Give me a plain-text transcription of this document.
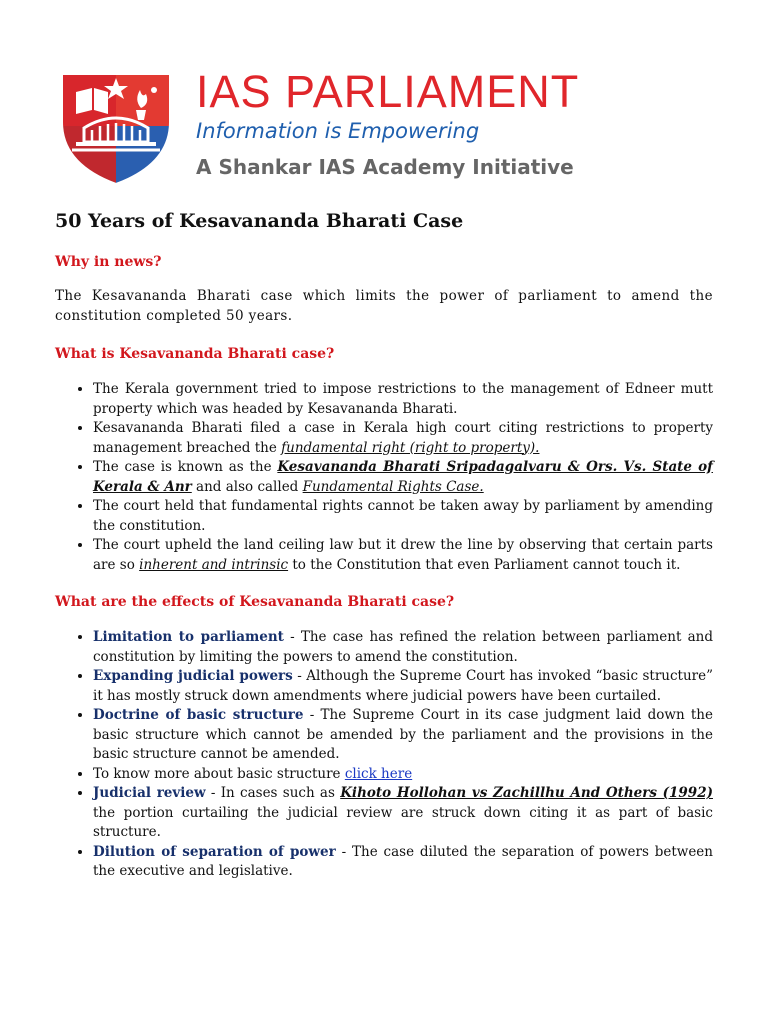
IAS PARLIAMENT
Information is Empowering
A Shankar IAS Academy Initiative
50 Years of Kesavananda Bharati Case
Why in news?

The Kesavananda Bharati case which limits the power of parliament to amend the constitution completed 50 years.

What is Kesavananda Bharati case?
• The Kerala government tried to impose restrictions to the management of Edneer mutt property which was headed by Kesavananda Bharati.
• Kesavananda Bharati filed a case in Kerala high court citing restrictions to property management breached the fundamental right (right to property).
• The case is known as the Kesavananda Bharati Sripadagalvaru & Ors. Vs. State of Kerala & Anr and also called Fundamental Rights Case.
• The court held that fundamental rights cannot be taken away by parliament by amending the constitution.
• The court upheld the land ceiling law but it drew the line by observing that certain parts are so inherent and intrinsic to the Constitution that even Parliament cannot touch it.
What are the effects of Kesavananda Bharati case?
• Limitation to parliament - The case has refined the relation between parliament and constitution by limiting the powers to amend the constitution.
• Expanding judicial powers - Although the Supreme Court has invoked “basic structure” it has mostly struck down amendments where judicial powers have been curtailed.
• Doctrine of basic structure - The Supreme Court in its case judgment laid down the basic structure which cannot be amended by the parliament and the provisions in the basic structure cannot be amended.
• To know more about basic structure click here
• Judicial review - In cases such as Kihoto Hollohan vs Zachillhu And Others (1992) the portion curtailing the judicial review are struck down citing it as part of basic structure.
• Dilution of separation of power - The case diluted the separation of powers between the executive and legislative.
